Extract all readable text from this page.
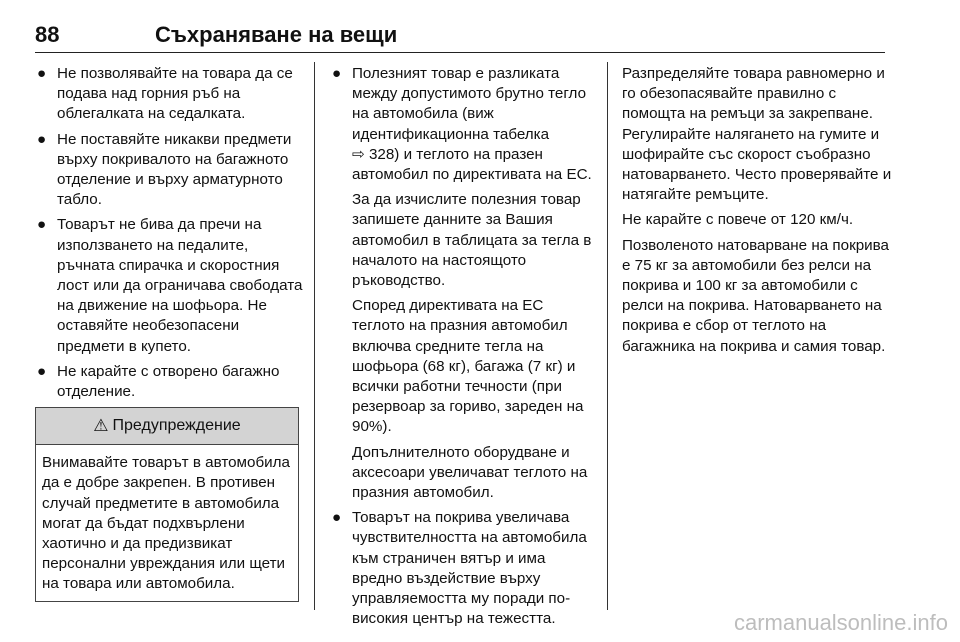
88	Съхраняване на вещи
● Не позволявайте на товара да се подава над горния ръб на облегалката на седалката.
● Не поставяйте никакви предмети върху покривалото на багажното отделение и върху арматурното табло.
● Товарът не бива да пречи на използването на педалите, ръчната спирачка и скоростния лост или да ограничава свободата на движение на шофьора. Не оставяйте необезопасени предмети в купето.
● Не карайте с отворено багажно отделение.
⚠ Предупреждение
Внимавайте товарът в автомобила да е добре закрепен. В противен случай предметите в автомобила могат да бъдат подхвърлени хаотично и да предизвикат персонални увреждания или щети на товара или автомобила.
● Полезният товар е разликата между допустимото брутно тегло на автомобила (виж идентификационна табелка
⇨ 328) и теглото на празен автомобил по директивата на ЕС.

За да изчислите полезния товар запишете данните за Вашия автомобил в таблицата за тегла в началото на настоящото ръководство.

Според директивата на ЕС теглото на празния автомобил включва средните тегла на шофьора (68 кг), багажа (7 кг) и всички работни течности (при резервоар за гориво, зареден на 90%).

Допълнителното оборудване и аксесоари увеличават теглото на празния автомобил.

● Товарът на покрива увеличава чувствителността на автомобила към страничен вятър и има вредно въздействие върху управляемостта му поради по-високия център на тежестта.

Разпределяйте товара равномерно и го обезопасявайте правилно с помощта на ремъци за закрепване. Регулирайте налягането на гумите и шофирайте със скорост съобразно натоварването. Често проверявайте и натягайте ремъците.

Не карайте с повече от 120 км/ч.

Позволеното натоварване на покрива е 75 кг за автомобили без релси на покрива и 100 кг за автомобили с релси на покрива. Натоварването на покрива е сбор от теглото на багажника на покрива и самия товар.

carmanualsonline.info
